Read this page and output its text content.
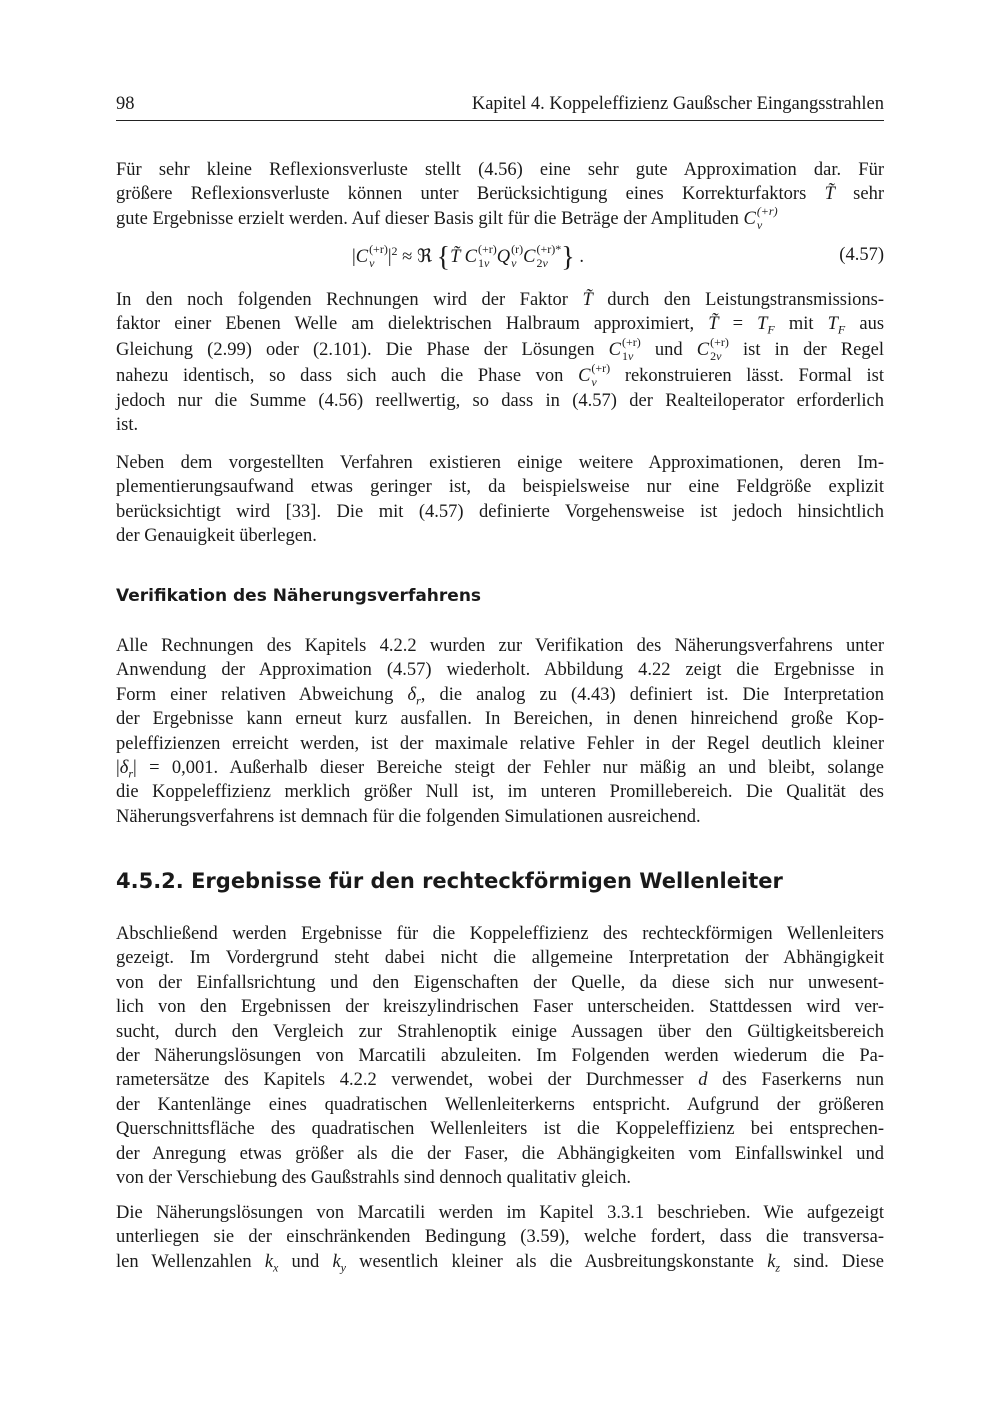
98	Kapitel 4. Koppeleffizienz Gaußscher Eingangsstrahlen

Für sehr kleine Reflexionsverluste stellt (4.56) eine sehr gute Approximation dar. Für
größere Reflexionsverluste können unter Berücksichtigung eines Korrekturfaktors T̃ sehr
gute Ergebnisse erzielt werden. Auf dieser Basis gilt für die Beträge der Amplituden C (+r)
ν

|C (+r)
ν $|^2$ ≈ ℜ {T̃ C (+r)
1ν Q (r)
ν C (+r)*
2ν } .	(4.57)

In den noch folgenden Rechnungen wird der Faktor T̃ durch den Leistungstransmissions-
faktor einer Ebenen Welle am dielektrischen Halbraum approximiert, T̃ = $T_F$ mit $T_F$ aus
Gleichung (2.99) oder (2.101). Die Phase der Lösungen C (+r)
1ν	und C (+r)
2ν	ist in der Regel
nahezu identisch, so dass sich auch die Phase von C (+r)
ν	rekonstruieren lässt. Formal ist
jedoch nur die Summe (4.56) reellwertig, so dass in (4.57) der Realteiloperator erforderlich
ist.

Neben dem vorgestellten Verfahren existieren einige weitere Approximationen, deren Im-
plementierungsaufwand etwas geringer ist, da beispielsweise nur eine Feldgröße explizit
berücksichtigt wird [33]. Die mit (4.57) definierte Vorgehensweise ist jedoch hinsichtlich
der Genauigkeit überlegen.

Verifikation des Näherungsverfahrens

Alle Rechnungen des Kapitels 4.2.2 wurden zur Verifikation des Näherungsverfahrens unter
Anwendung der Approximation (4.57) wiederholt. Abbildung 4.22 zeigt die Ergebnisse in
Form einer relativen Abweichung $\delta_r$, die analog zu (4.43) definiert ist. Die Interpretation
der Ergebnisse kann erneut kurz ausfallen. In Bereichen, in denen hinreichend große Kop-
peleffizienzen erreicht werden, ist der maximale relative Fehler in der Regel deutlich kleiner
$|\delta_r| = 0,001$. Außerhalb dieser Bereiche steigt der Fehler nur mäßig an und bleibt, solange
die Koppeleffizienz merklich größer Null ist, im unteren Promillebereich. Die Qualität des
Näherungsverfahrens ist demnach für die folgenden Simulationen ausreichend.

4.5.2. Ergebnisse für den rechteckförmigen Wellenleiter

Abschließend werden Ergebnisse für die Koppeleffizienz des rechteckförmigen Wellenleiters
gezeigt. Im Vordergrund steht dabei nicht die allgemeine Interpretation der Abhängigkeit
von der Einfallsrichtung und den Eigenschaften der Quelle, da diese sich nur unwesent-
lich von den Ergebnissen der kreiszylindrischen Faser unterscheiden. Stattdessen wird ver-
sucht, durch den Vergleich zur Strahlenoptik einige Aussagen über den Gültigkeitsbereich
der Näherungslösungen von Marcatili abzuleiten. Im Folgenden werden wiederum die Pa-
rametersätze des Kapitels 4.2.2 verwendet, wobei der Durchmesser d des Faserkerns nun
der Kantenlänge eines quadratischen Wellenleiterkerns entspricht. Aufgrund der größeren
Querschnittsfläche des quadratischen Wellenleiters ist die Koppeleffizienz bei entsprechen-
der Anregung etwas größer als die der Faser, die Abhängigkeiten vom Einfallswinkel und
von der Verschiebung des Gaußstrahls sind dennoch qualitativ gleich.

Die Näherungslösungen von Marcatili werden im Kapitel 3.3.1 beschrieben. Wie aufgezeigt
unterliegen sie der einschränkenden Bedingung (3.59), welche fordert, dass die transversa-
len Wellenzahlen $k_x$ und $k_y$ wesentlich kleiner als die Ausbreitungskonstante $k_z$ sind. Diese
